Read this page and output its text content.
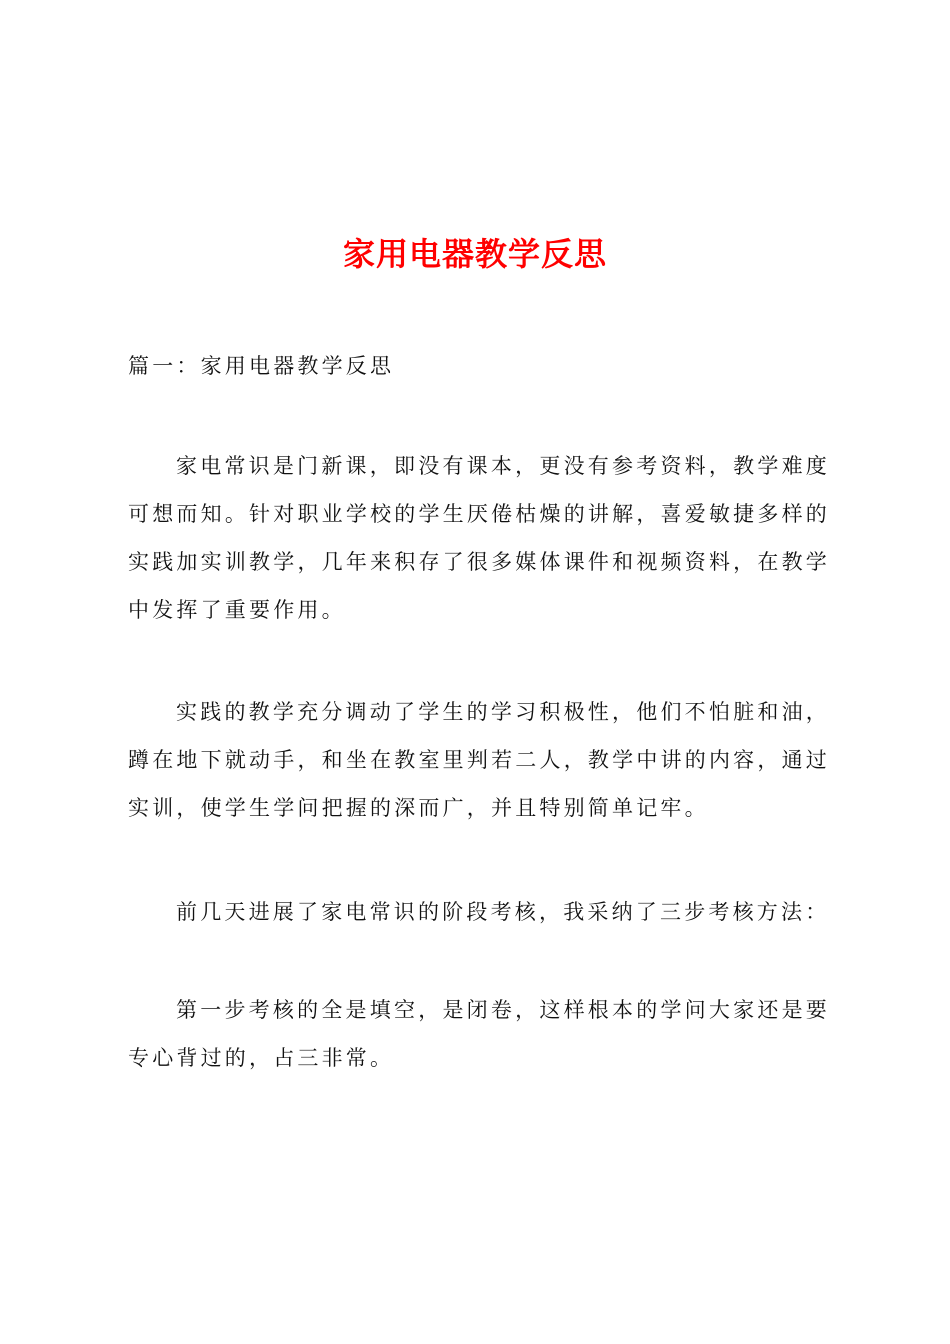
家用电器教学反思

篇一：家用电器教学反思

家电常识是门新课，即没有课本，更没有参考资料，教学难度可想而知。针对职业学校的学生厌倦枯燥的讲解，喜爱敏捷多样的实践加实训教学，几年来积存了很多媒体课件和视频资料，在教学中发挥了重要作用。

实践的教学充分调动了学生的学习积极性，他们不怕脏和油，蹲在地下就动手，和坐在教室里判若二人，教学中讲的内容，通过实训，使学生学问把握的深而广，并且特别简单记牢。

前几天进展了家电常识的阶段考核，我采纳了三步考核方法：

第一步考核的全是填空，是闭卷，这样根本的学问大家还是要专心背过的，占三非常。
